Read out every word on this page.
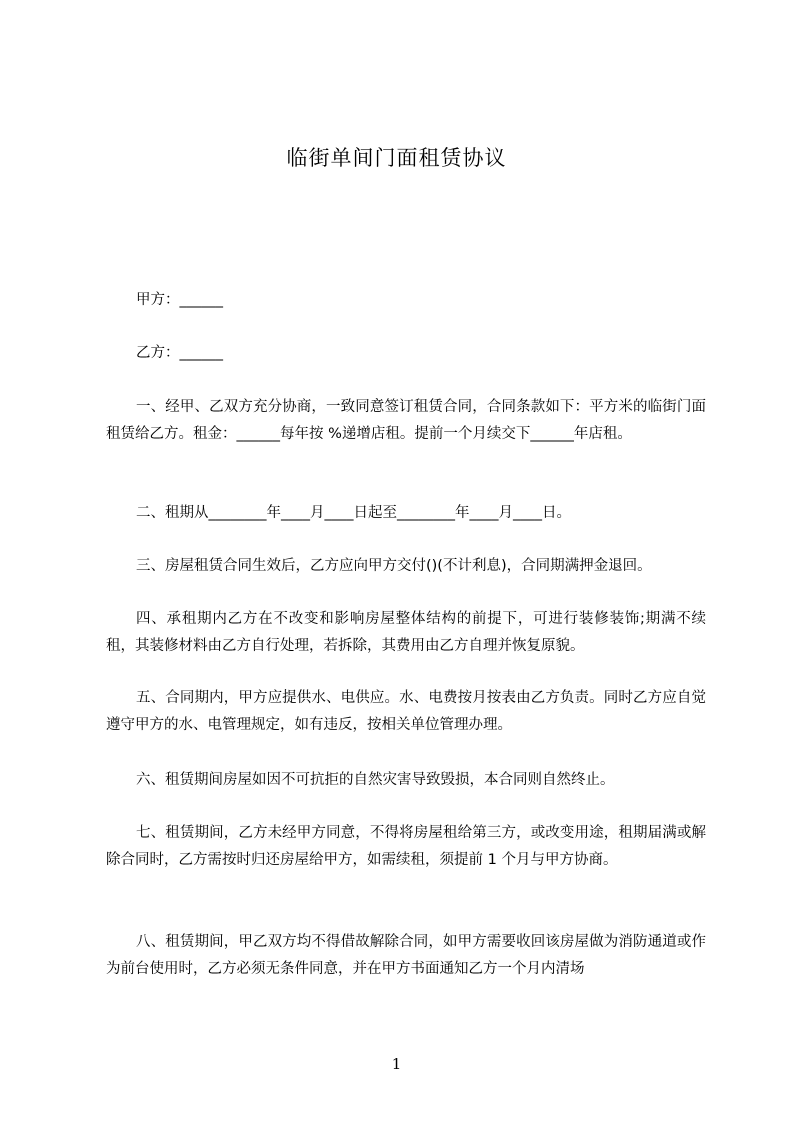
临街单间门面租赁协议

甲方：______

乙方：______

一、经甲、乙双方充分协商，一致同意签订租赁合同，合同条款如下：平方米的临街门面租赁给乙方。租金：______每年按 %递增店租。提前一个月续交下______年店租。

二、租期从________年____月____日起至________年____月____日。

三、房屋租赁合同生效后，乙方应向甲方交付()(不计利息)，合同期满押金退回。

四、承租期内乙方在不改变和影响房屋整体结构的前提下，可进行装修装饰;期满不续租，其装修材料由乙方自行处理，若拆除，其费用由乙方自理并恢复原貌。

五、合同期内，甲方应提供水、电供应。水、电费按月按表由乙方负责。同时乙方应自觉遵守甲方的水、电管理规定，如有违反，按相关单位管理办理。

六、租赁期间房屋如因不可抗拒的自然灾害导致毁损，本合同则自然终止。

七、租赁期间，乙方未经甲方同意，不得将房屋租给第三方，或改变用途，租期届满或解除合同时，乙方需按时归还房屋给甲方，如需续租，须提前 1 个月与甲方协商。

八、租赁期间，甲乙双方均不得借故解除合同，如甲方需要收回该房屋做为消防通道或作为前台使用时，乙方必须无条件同意，并在甲方书面通知乙方一个月内清场

1
